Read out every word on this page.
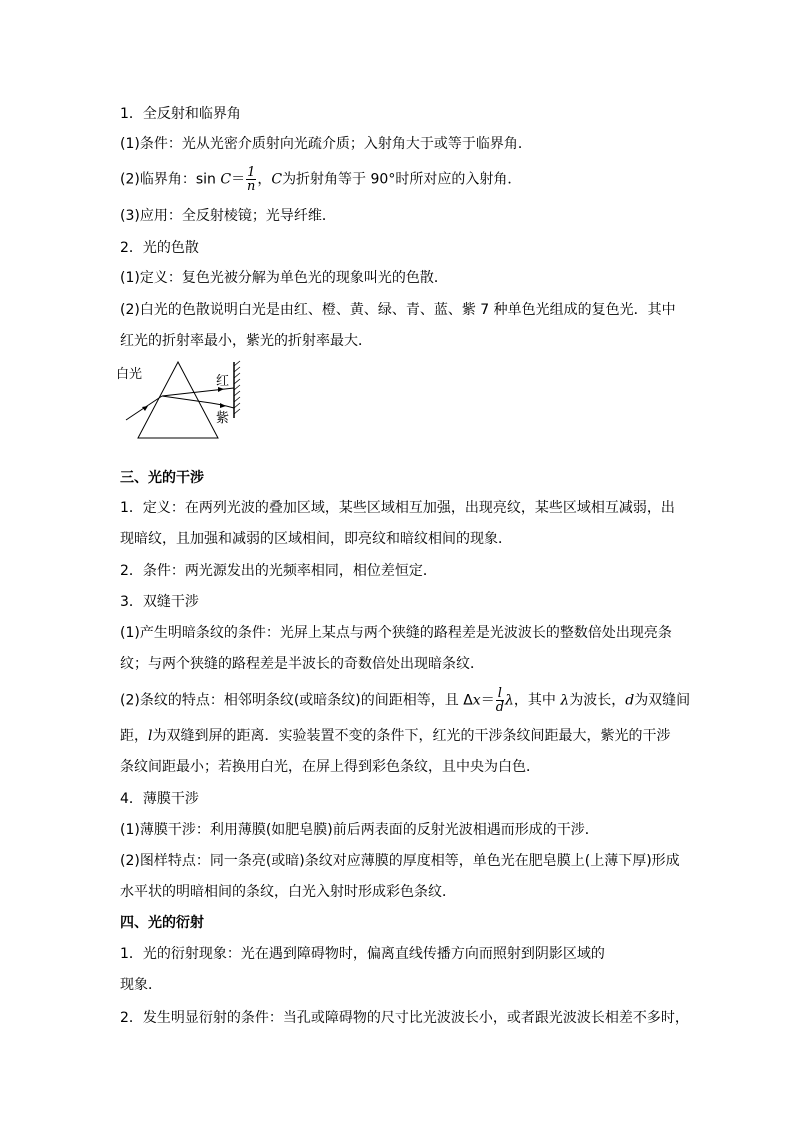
1．全反射和临界角
(1)条件：光从光密介质射向光疏介质；入射角大于或等于临界角．
(2)临界角：$\sin C= \frac{1}{n}$ ，C为折射角等于 90°时所对应的入射角．
(3)应用：全反射棱镜；光导纤维．
2．光的色散
(1)定义：复色光被分解为单色光的现象叫光的色散．
(2)白光的色散说明白光是由红、橙、黄、绿、青、蓝、紫 7 种单色光组成的复色光．其中
红光的折射率最小，紫光的折射率最大．
白光	红
紫
三、光的干涉
1．定义：在两列光波的叠加区域，某些区域相互加强，出现亮纹，某些区域相互减弱，出
现暗纹，且加强和减弱的区域相间，即亮纹和暗纹相间的现象．
2．条件：两光源发出的光频率相同，相位差恒定．
3．双缝干涉
(1)产生明暗条纹的条件：光屏上某点与两个狭缝的路程差是光波波长的整数倍处出现亮条
纹；与两个狭缝的路程差是半波长的奇数倍处出现暗条纹．
(2)条纹的特点：相邻明条纹(或暗条纹)的间距相等，且 $\Delta x= \frac{l}{d}$ λ，其中 λ为波长，d为双缝间
距，l为双缝到屏的距离．实验装置不变的条件下，红光的干涉条纹间距最大，紫光的干涉
条纹间距最小；若换用白光，在屏上得到彩色条纹，且中央为白色．
4．薄膜干涉
(1)薄膜干涉：利用薄膜(如肥皂膜)前后两表面的反射光波相遇而形成的干涉．
(2)图样特点：同一条亮(或暗)条纹对应薄膜的厚度相等，单色光在肥皂膜上(上薄下厚)形成
水平状的明暗相间的条纹，白光入射时形成彩色条纹．
四、光的衍射
1．光的衍射现象：光在遇到障碍物时，偏离直线传播方向而照射到阴影区域的
现象．
2．发生明显衍射的条件：当孔或障碍物的尺寸比光波波长小，或者跟光波波长相差不多时，
